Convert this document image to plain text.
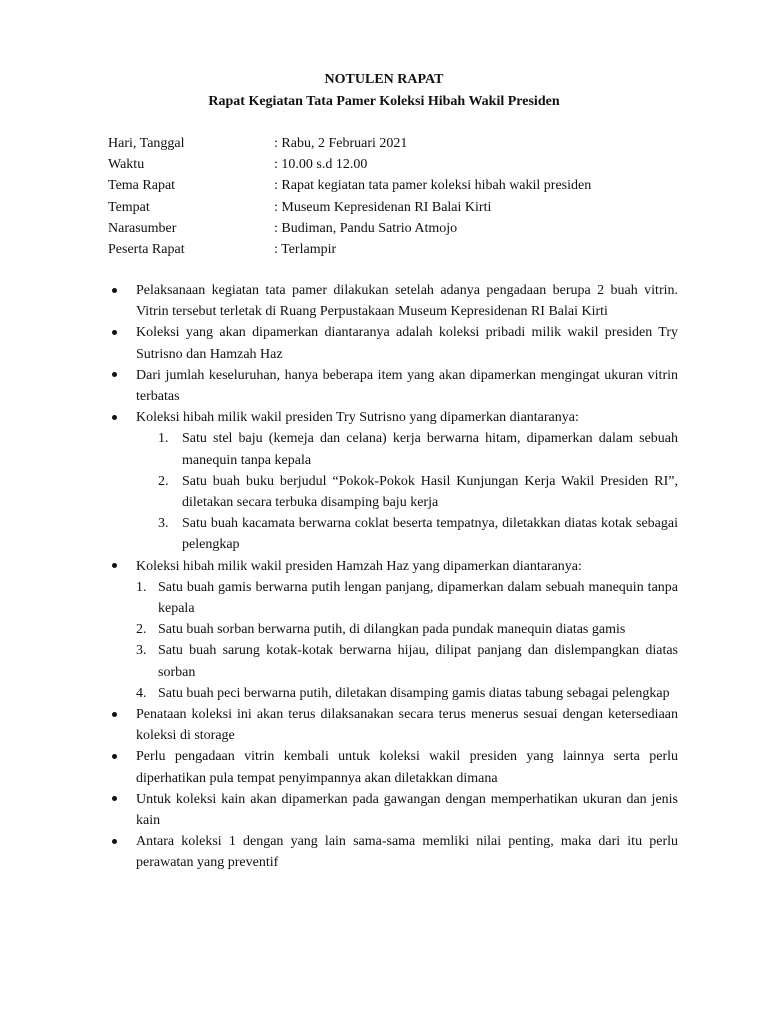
NOTULEN RAPAT
Rapat Kegiatan Tata Pamer Koleksi Hibah Wakil Presiden
Hari, Tanggal	: Rabu, 2 Februari 2021
Waktu	: 10.00 s.d 12.00
Tema Rapat	: Rapat kegiatan tata pamer koleksi hibah wakil presiden
Tempat	: Museum Kepresidenan RI Balai Kirti
Narasumber	: Budiman, Pandu Satrio Atmojo
Peserta Rapat	: Terlampir
Pelaksanaan kegiatan tata pamer dilakukan setelah adanya pengadaan berupa 2 buah vitrin. Vitrin tersebut terletak di Ruang Perpustakaan Museum Kepresidenan RI Balai Kirti
Koleksi yang akan dipamerkan diantaranya adalah koleksi pribadi milik wakil presiden Try Sutrisno dan Hamzah Haz
Dari jumlah keseluruhan, hanya beberapa item yang akan dipamerkan mengingat ukuran vitrin terbatas
Koleksi hibah milik wakil presiden Try Sutrisno yang dipamerkan diantaranya:
1. Satu stel baju (kemeja dan celana) kerja berwarna hitam, dipamerkan dalam sebuah manequin tanpa kepala
2. Satu buah buku berjudul “Pokok-Pokok Hasil Kunjungan Kerja Wakil Presiden RI”, diletakan secara terbuka disamping baju kerja
3. Satu buah kacamata berwarna coklat beserta tempatnya, diletakkan diatas kotak sebagai pelengkap
Koleksi hibah milik wakil presiden Hamzah Haz yang dipamerkan diantaranya:
1. Satu buah gamis berwarna putih lengan panjang, dipamerkan dalam sebuah manequin tanpa kepala
2. Satu buah sorban berwarna putih, di dilangkan pada pundak manequin diatas gamis
3. Satu buah sarung kotak-kotak berwarna hijau, dilipat panjang dan dislempangkan diatas sorban
4. Satu buah peci berwarna putih, diletakan disamping gamis diatas tabung sebagai pelengkap
Penataan koleksi ini akan terus dilaksanakan secara terus menerus sesuai dengan ketersediaan koleksi di storage
Perlu pengadaan vitrin kembali untuk koleksi wakil presiden yang lainnya serta perlu diperhatikan pula tempat penyimpannya akan diletakkan dimana
Untuk koleksi kain akan dipamerkan pada gawangan dengan memperhatikan ukuran dan jenis kain
Antara koleksi 1 dengan yang lain sama-sama memliki nilai penting, maka dari itu perlu perawatan yang preventif
